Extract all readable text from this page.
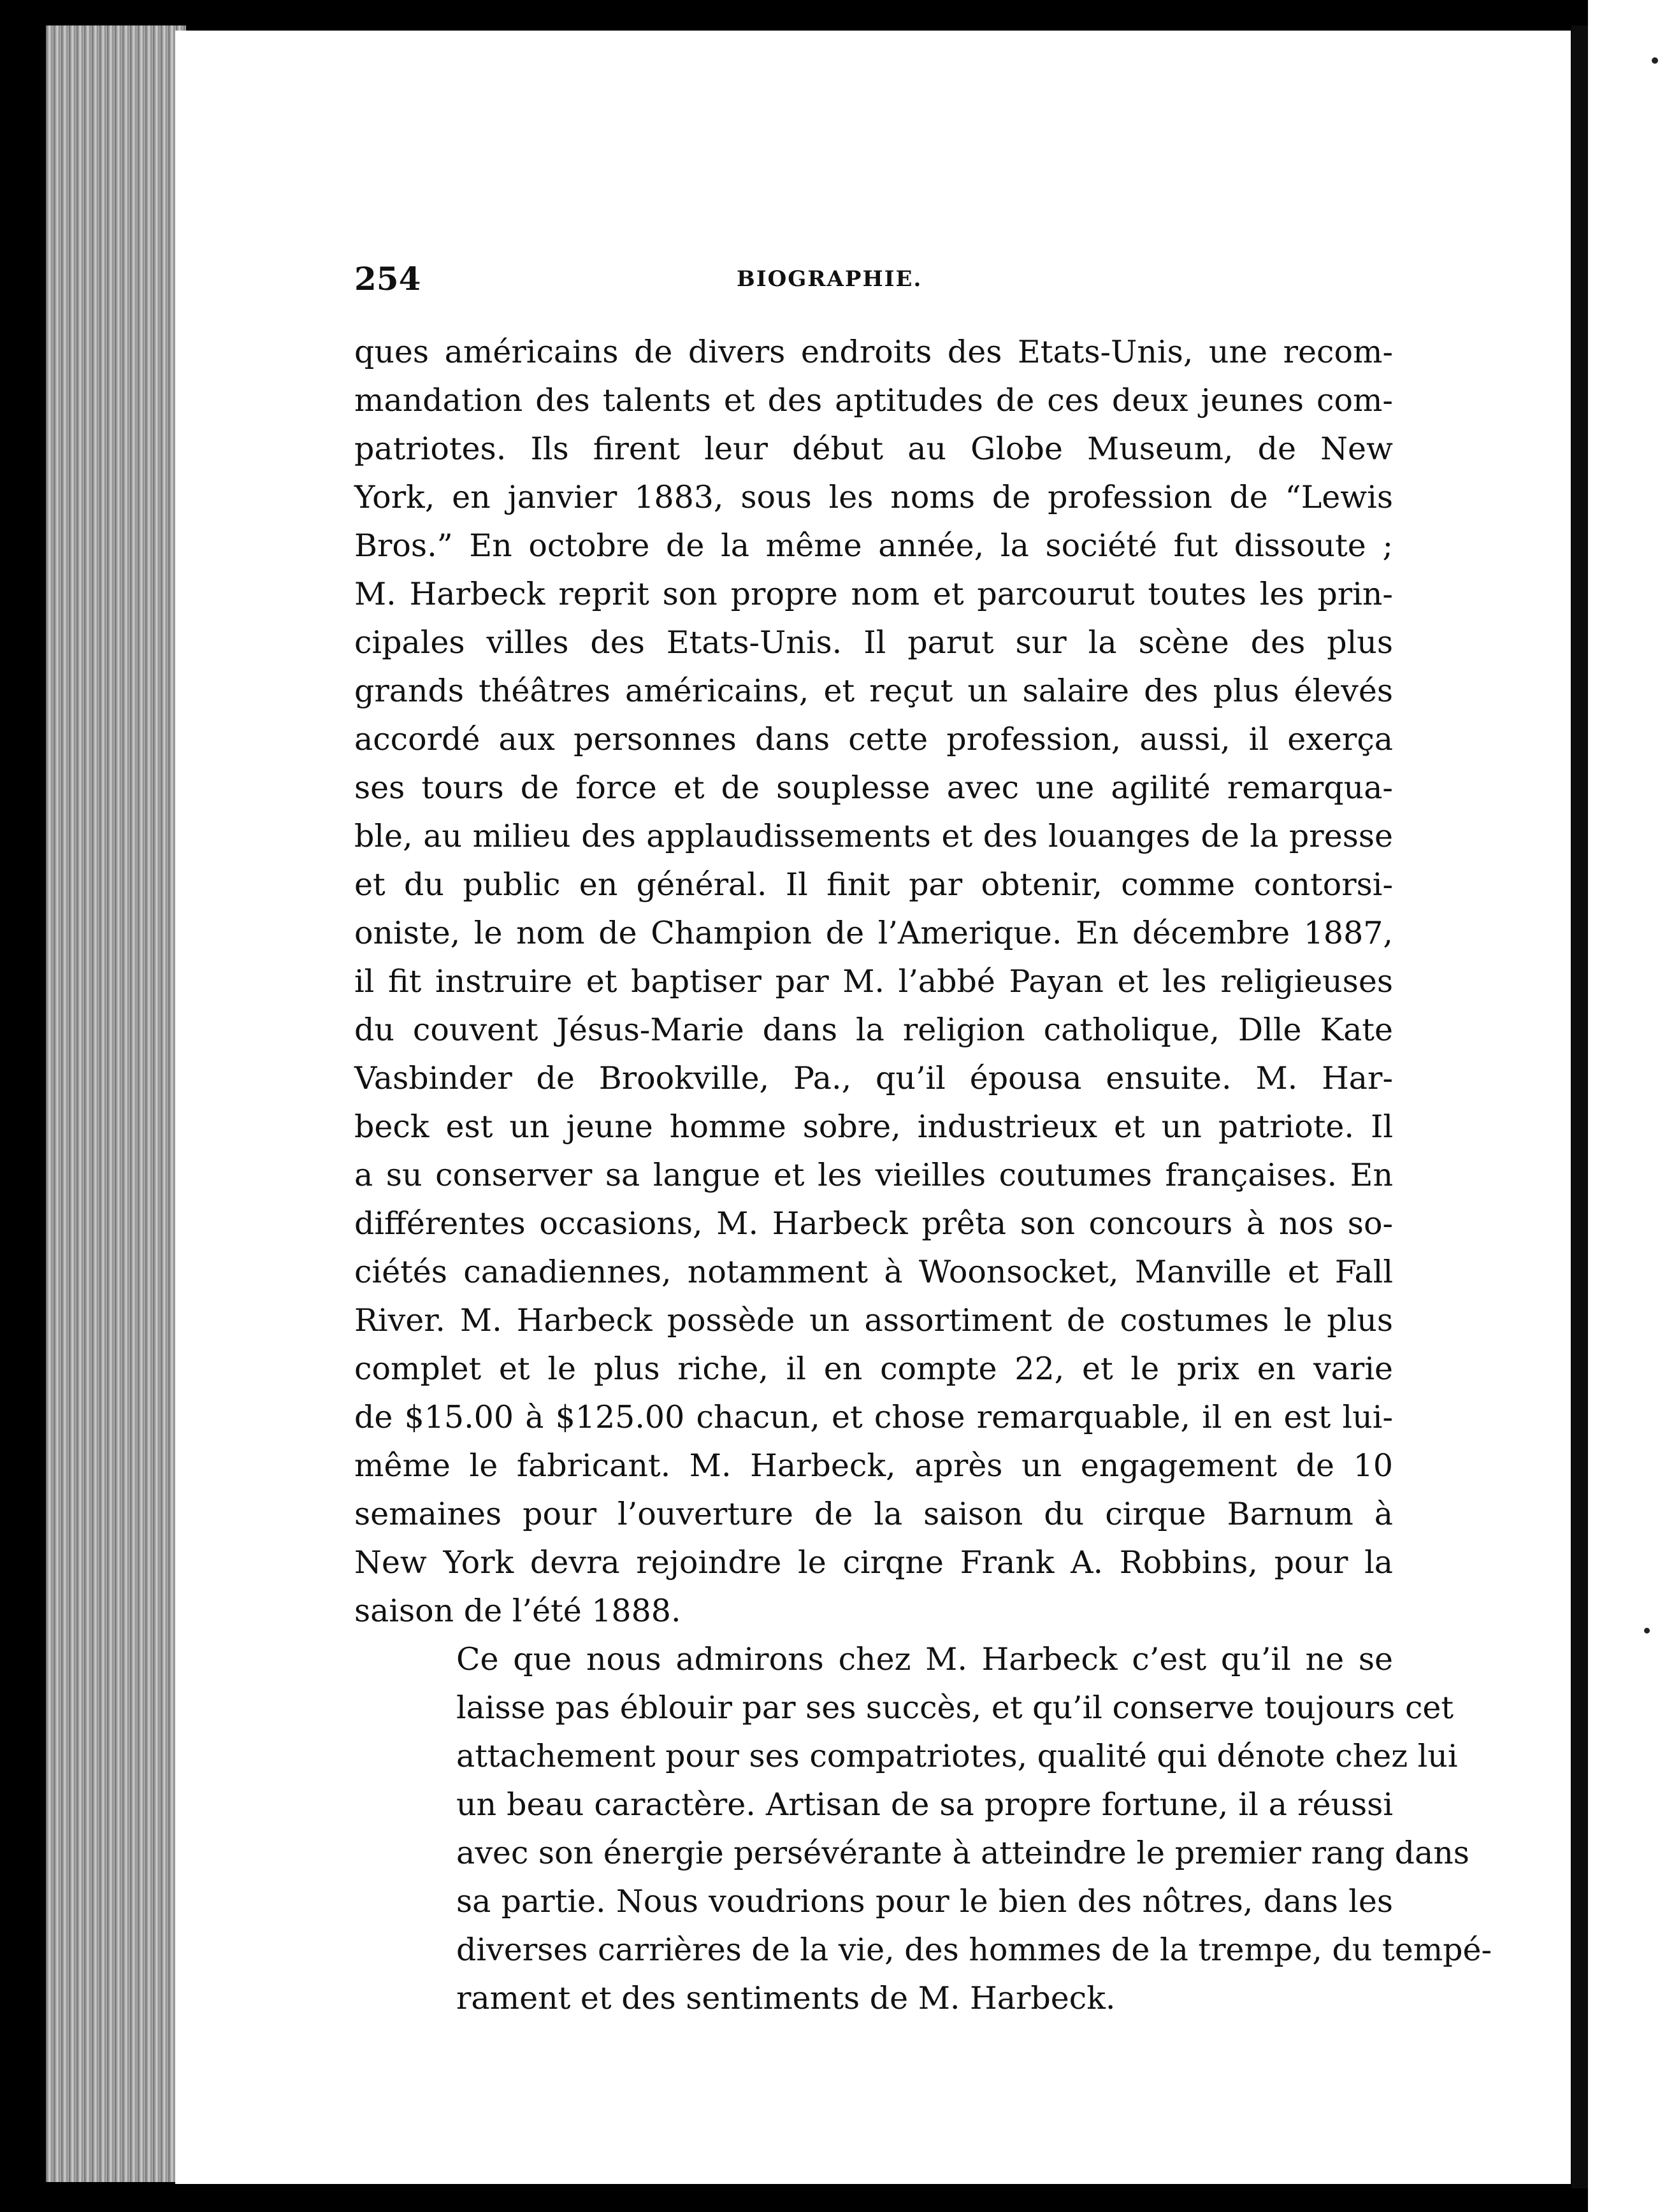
254	BIOGRAPHIE.

ques américains de divers endroits des Etats-Unis, une recom-
mandation des talents et des aptitudes de ces deux jeunes com-
patriotes. Ils firent leur début au Globe Museum, de New
York, en janvier 1883, sous les noms de profession de “Lewis
Bros.” En octobre de la même année, la société fut dissoute ;
M. Harbeck reprit son propre nom et parcourut toutes les prin-
cipales villes des Etats-Unis. Il parut sur la scène des plus
grands théâtres américains, et reçut un salaire des plus élevés
accordé aux personnes dans cette profession, aussi, il exerça
ses tours de force et de souplesse avec une agilité remarqua-
ble, au milieu des applaudissements et des louanges de la presse
et du public en général. Il finit par obtenir, comme contorsi-
oniste, le nom de Champion de l’Amerique. En décembre 1887,
il fit instruire et baptiser par M. l’abbé Payan et les religieuses
du couvent Jésus-Marie dans la religion catholique, Dlle Kate
Vasbinder de Brookville, Pa., qu’il épousa ensuite. M. Har-
beck est un jeune homme sobre, industrieux et un patriote. Il
a su conserver sa langue et les vieilles coutumes françaises. En
différentes occasions, M. Harbeck prêta son concours à nos so-
ciétés canadiennes, notamment à Woonsocket, Manville et Fall
River. M. Harbeck possède un assortiment de costumes le plus
complet et le plus riche, il en compte 22, et le prix en varie
de $15.00 à $125.00 chacun, et chose remarquable, il en est lui-
même le fabricant. M. Harbeck, après un engagement de 10
semaines pour l’ouverture de la saison du cirque Barnum à
New York devra rejoindre le cirqne Frank A. Robbins, pour la
saison de l’été 1888.

Ce que nous admirons chez M. Harbeck c’est qu’il ne se
laisse pas éblouir par ses succès, et qu’il conserve toujours cet
attachement pour ses compatriotes, qualité qui dénote chez lui
un beau caractère. Artisan de sa propre fortune, il a réussi
avec son énergie persévérante à atteindre le premier rang dans
sa partie. Nous voudrions pour le bien des nôtres, dans les
diverses carrières de la vie, des hommes de la trempe, du tempé-
rament et des sentiments de M. Harbeck.
